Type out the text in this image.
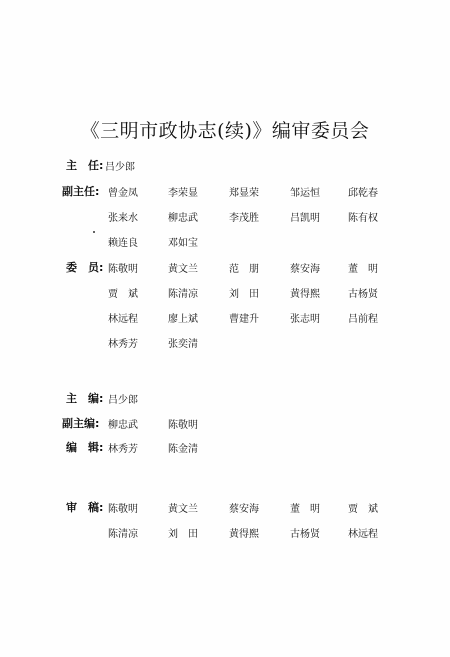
《三明市政协志(续)》编审委员会
主　任: 吕少郎
副主任: 曾金凤	李荣显	郑显荣	邹运恒	邱乾春
张来水	柳忠武	李茂胜	吕凯明	陈有权
赖连良	邓如宝
委　员: 陈敬明	黄文兰	范　朋	蔡安海	董　明
贾　斌	陈清凉	刘　田	黄得熙	古杨贤
林远程	廖上斌	曹建升	张志明	吕前程
林秀芳	张奕清
主　编: 吕少郎
副主编: 柳忠武	陈敬明
编　辑: 林秀芳	陈金清
审　稿: 陈敬明	黄文兰	蔡安海	董　明	贾　斌
陈清凉	刘　田	黄得熙	古杨贤	林远程
